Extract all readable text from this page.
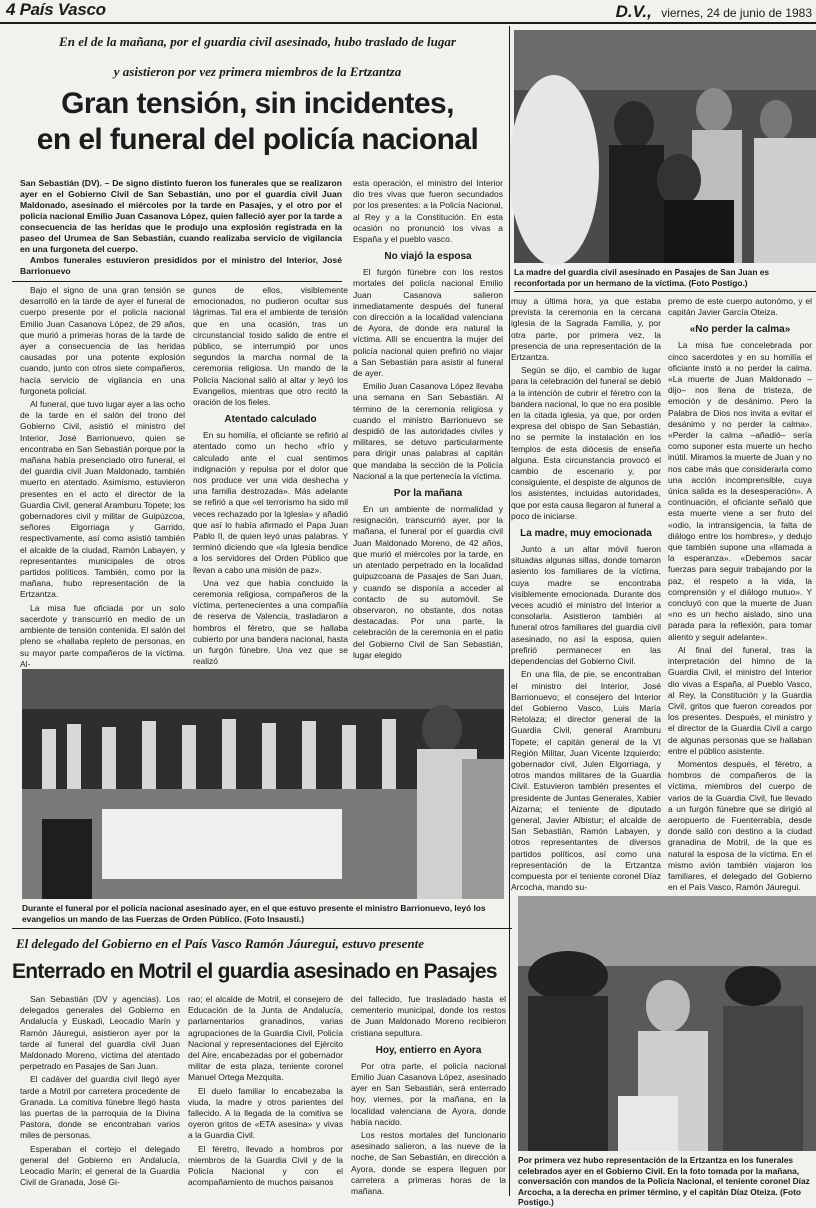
4 País Vasco	D.V., viernes, 24 de junio de 1983
En el de la mañana, por el guardia civil asesinado, hubo traslado de lugar
y asistieron por vez primera miembros de la Ertzantza
Gran tensión, sin incidentes,
en el funeral del policía nacional
San Sebastián (DV). – De signo distinto fueron los funerales que se realizaron ayer en el Gobierno Civil de San Sebastián, uno por el guardia civil Juan Maldonado, asesinado el miércoles por la tarde en Pasajes, y el otro por el policía nacional Emilio Juan Casanova López, quien falleció ayer por la tarde a consecuencia de las heridas que le produjo una explosión registrada en la paseo del Urumea de San Sebastián, cuando realizaba servicio de vigilancia en una furgoneta del cuerpo.
Ambos funerales estuvieron presididos por el ministro del Interior, José Barrionuevo

Bajo el signo de una gran tensión se desarrolló en la tarde de ayer el funeral de cuerpo presente por el policía nacional Emilio Juan Casanova López, de 29 años, que murió a primeras horas de la tarde de ayer a consecuencia de las heridas causadas por una potente explosión cuando, junto con otros siete compañeros, hacía servicio de vigilancia en una furgoneta policial.

Al funeral, que tuvo lugar ayer a las ocho de la tarde en el salón del trono del Gobierno Civil, asistió el ministro del Interior, José Barrionuevo, quien se encontraba en San Sebastián porque por la mañana había presenciado otro funeral, el del guardia civil Juan Maldonado, también muerto en atentado. Asimismo, estuvieron presentes en el acto el director de la Guardia Civil, general Aramburu Topete; los gobernadores civil y militar de Guipúzcoa, señores Elgorriaga y Garrido, respectivamente, así como asistió también el alcalde de la ciudad, Ramón Labayen, y representantes municipales de otros partidos políticos. También, como por la mañana, hubo representación de la Ertzantza.

La misa fue oficiada por un solo sacerdote y transcurrió en medio de un ambiente de tensión contenida. El salón del pleno se «hallaba repleto de personas, en su mayor parte compañeros de la víctima. Al-

gunos de ellos, visiblemente emocionados, no pudieron ocultar sus lágrimas. Tal era el ambiente de tensión que en una ocasión, tras un circunstancial tosido salido de entre el público, se interrumpió por unos segundos la marcha normal de la ceremonia religiosa. Un mando de la Policía Nacional salió al altar y leyó los Evangelios, mientras que otro recitó la oración de los fieles.

Atentado calculado

En su homilía, el oficiante se refirió al atentado como un hecho «frío y calculado ante el cual sentimos indignación y repulsa por el dolor que nos produce ver una vida deshecha y una familia destrozada». Más adelante se refirió a que «el terrorismo ha sido mil veces rechazado por la Iglesia» y añadió que así lo había afirmado el Papa Juan Pablo II, de quien leyó unas palabras. Y terminó diciendo que «la Iglesia bendice a los servidores del Orden Público que llevan a cabo una misión de paz».

Una vez que había concluido la ceremonia religiosa, compañeros de la víctima, pertenecientes a una compañía de reserva de Valencia, trasladaron a hombros el féretro, que se hallaba cubierto por una bandera nacional, hasta un furgón fúnebre. Una vez que se realizó

esta operación, el ministro del Interior dio tres vivas que fueron secundados por los presentes: a la Policía Nacional, al Rey y a la Constitución. En esta ocasión no pronunció los vivas a España y el pueblo vasco.

No viajó la esposa

El furgón fúnebre con los restos mortales del policía nacional Emilio Juan Casanova salieron inmediatamente después del funeral con dirección a la localidad valenciana de Ayora, de donde era natural la víctima. Allí se encuentra la mujer del policía nacional quien prefirió no viajar a San Sebastián para asistir al funeral de ayer.

Emilio Juan Casanova López llevaba una semana en San Sebastián. Al término de la ceremonia religiosa y cuando el ministro Barrionuevo se despidió de las autoridades civiles y militares, se detuvo particularmente para dirigir unas palabras al capitán que mandaba la sección de la Policía Nacional a la que pertenecía la víctima.

Por la mañana

En un ambiente de normalidad y resignación, transcurrió ayer, por la mañana, el funeral por el guardia civil Juan Maldonado Moreno, de 42 años, que murió el miércoles por la tarde, en un atentado perpetrado en la localidad guipuzcoana de Pasajes de San Juan, y cuando se disponía a acceder al contacto de su automóvil. Se observaron, no obstante, dos notas destacadas. Por una parte, la celebración de la ceremonia en el patio del Gobierno Civil de San Sebastián, lugar elegido

La madre del guardia civil asesinado en Pasajes de San Juan es reconfortada por un hermano de la víctima. (Foto Postigo.)

muy a última hora, ya que estaba prevista la ceremonia en la cercana iglesia de la Sagrada Familia, y, por otra parte, por primera vez, la presencia de una representación de la Ertzantza.

Según se dijo, el cambio de lugar para la celebración del funeral se debió a la intención de cubrir el féretro con la bandera nacional, lo que no era posible en la citada iglesia, ya que, por orden expresa del obispo de San Sebastián, no se permite la instalación en los templos de esta diócesis de enseña alguna. Esta circunstancia provocó el cambio de escenario y, por consiguiente, el despiste de algunos de los asistentes, incluidas autoridades, que por esta causa llegaron al funeral a poco de iniciarse.

La madre, muy emocionada

Junto a un altar móvil fueron situadas algunas sillas, donde tomaron asiento los familiares de la víctima, cuya madre se encontraba visiblemente emocionada. Durante dos veces acudió el ministro del Interior a consolarla. Asistieron también al funeral otros familiares del guardia civil asesinado, no así la esposa, quien prefirió permanecer en las dependencias del Gobierno Civil.

En una fila, de pie, se encontraban el ministro del Interior, José Barrionuevo; el consejero del Interior del Gobierno Vasco, Luis María Retolaza; el director general de la Guardia Civil, general Aramburu Topete; el capitán general de la VI Región Militar, Juan Vicente Izquierdo; gobernador civil, Julen Elgorriaga, y otros mandos militares de la Guardia Civil. Estuvieron también presentes el presidente de Juntas Generales, Xabier Aizarna; el teniente de diputado general, Javier Albistur; el alcalde de San Sebastián, Ramón Labayen, y otros representantes de diversos partidos políticos, así como una representación de la Ertzantza compuesta por el teniente coronel Díaz Arcocha, mando su-

premo de este cuerpo autonómo, y el capitán Javier García Oteiza.

«No perder la calma»

La misa fue concelebrada por cinco sacerdotes y en su homilía el oficiante instó a no perder la calma. «La muerte de Juan Maldonado –dijo– nos llena de tristeza, de emoción y de desánimo. Pero la Palabra de Dios nos invita a evitar el desánimo y no perder la calma». «Perder la calma –añadió– sería como suponer esta muerte un hecho inútil. Miramos la muerte de Juan y no nos cabe más que considerarla como una acción incomprensible, cuya única salida es la desesperación». A continuación, el oficiante señaló que esta muerte viene a ser fruto del «odio, la intransigencia, la falta de diálogo entre los hombres», y dedujo que también supone una «llamada a la esperanza». «Debemos sacar fuerzas para seguir trabajando por la paz, el respeto a la vida, la comprensión y el diálogo mutuo». Y concluyó con que la muerte de Juan «no es un hecho aislado, sino una parada para la reflexión, para tomar aliento y seguir adelante».

Al final del funeral, tras la interpretación del himno de la Guardia Civil, el ministro del Interior dio vivas a España, al Pueblo Vasco, al Rey, la Constitución y la Guardia Civil, gritos que fueron coreados por los presentes. Después, el ministro y el director de la Guardia Civil a cargo de algunas personas que se hallaban entre el público asistente.

Momentos después, el féretro, a hombros de compañeros de la víctima, miembros del cuerpo de varios de la Guardia Civil, fue llevado a un furgón fúnebre que se dirigió al aeropuerto de Fuenterrabía, desde donde salió con destino a la ciudad granadina de Motril, de la que es natural la esposa de la víctima. En el mismo avión también viajaron los familiares, el delegado del Gobierno en el País Vasco, Ramón Jáuregui.

Durante el funeral por el policía nacional asesinado ayer, en el que estuvo presente el ministro Barrionuevo, leyó los evangelios un mando de las Fuerzas de Orden Público. (Foto Insausti.)
El delegado del Gobierno en el País Vasco Ramón Jáuregui, estuvo presente
Enterrado en Motril el guardia asesinado en Pasajes

San Sebastián (DV y agencias). Los delegados generales del Gobierno en Andalucía y Euskadi, Leocadio Marín y Ramón Jáuregui, asistieron ayer por la tarde al funeral del guardia civil Juan Maldonado Moreno, víctima del atentado perpetrado en Pasajes de San Juan.

El cadáver del guardia civil llegó ayer tarde a Motril por carretera procedente de Granada. La comitiva fúnebre llegó hasta las puertas de la parroquia de la Divina Pastora, donde se encontraban varios miles de personas.

Esperaban el cortejo el delegado general del Gobierno en Andalucía, Leocadio Marín; el general de la Guardia Civil de Granada, José Gi-

rao; el alcalde de Motril, el consejero de Educación de la Junta de Andalucía, parlamentarios granadinos, varias agrupaciones de la Guardia Civil, Policía Nacional y representaciones del Ejército del Aire, encabezadas por el gobernador militar de esta plaza, teniente coronel Manuel Ortega Mezquita.

El duelo familiar lo encabezaba la viuda, la madre y otros parientes del fallecido. A la llegada de la comitiva se oyeron gritos de «ETA asesina» y vivas a la Guardia Civil.

El féretro, llevado a hombros por miembros de la Guardia Civil y de la Policía Nacional y con el acompañamiento de muchos paisanos

del fallecido, fue trasladado hasta el cementerio municipal, donde los restos de Juan Maldonado Moreno recibieron cristiana sepultura.

Hoy, entierro en Ayora

Por otra parte, el policía nacional Emilio Juan Casanova López, asesinado ayer en San Sebastián, será enterrado hoy, viernes, por la mañana, en la localidad valenciana de Ayora, donde había nacido.

Los restos mortales del funcionario asesinado salieron, a las nueve de la noche, de San Sebastián, en dirección a Ayora, donde se espera lleguen por carretera a primeras horas de la mañana.

Por primera vez hubo representación de la Ertzantza en los funerales celebrados ayer en el Gobierno Civil. En la foto tomada por la mañana, conversación con mandos de la Policía Nacional, el teniente coronel Díaz Arcocha, a la derecha en primer término, y el capitán Díaz Oteiza. (Foto Postigo.)
